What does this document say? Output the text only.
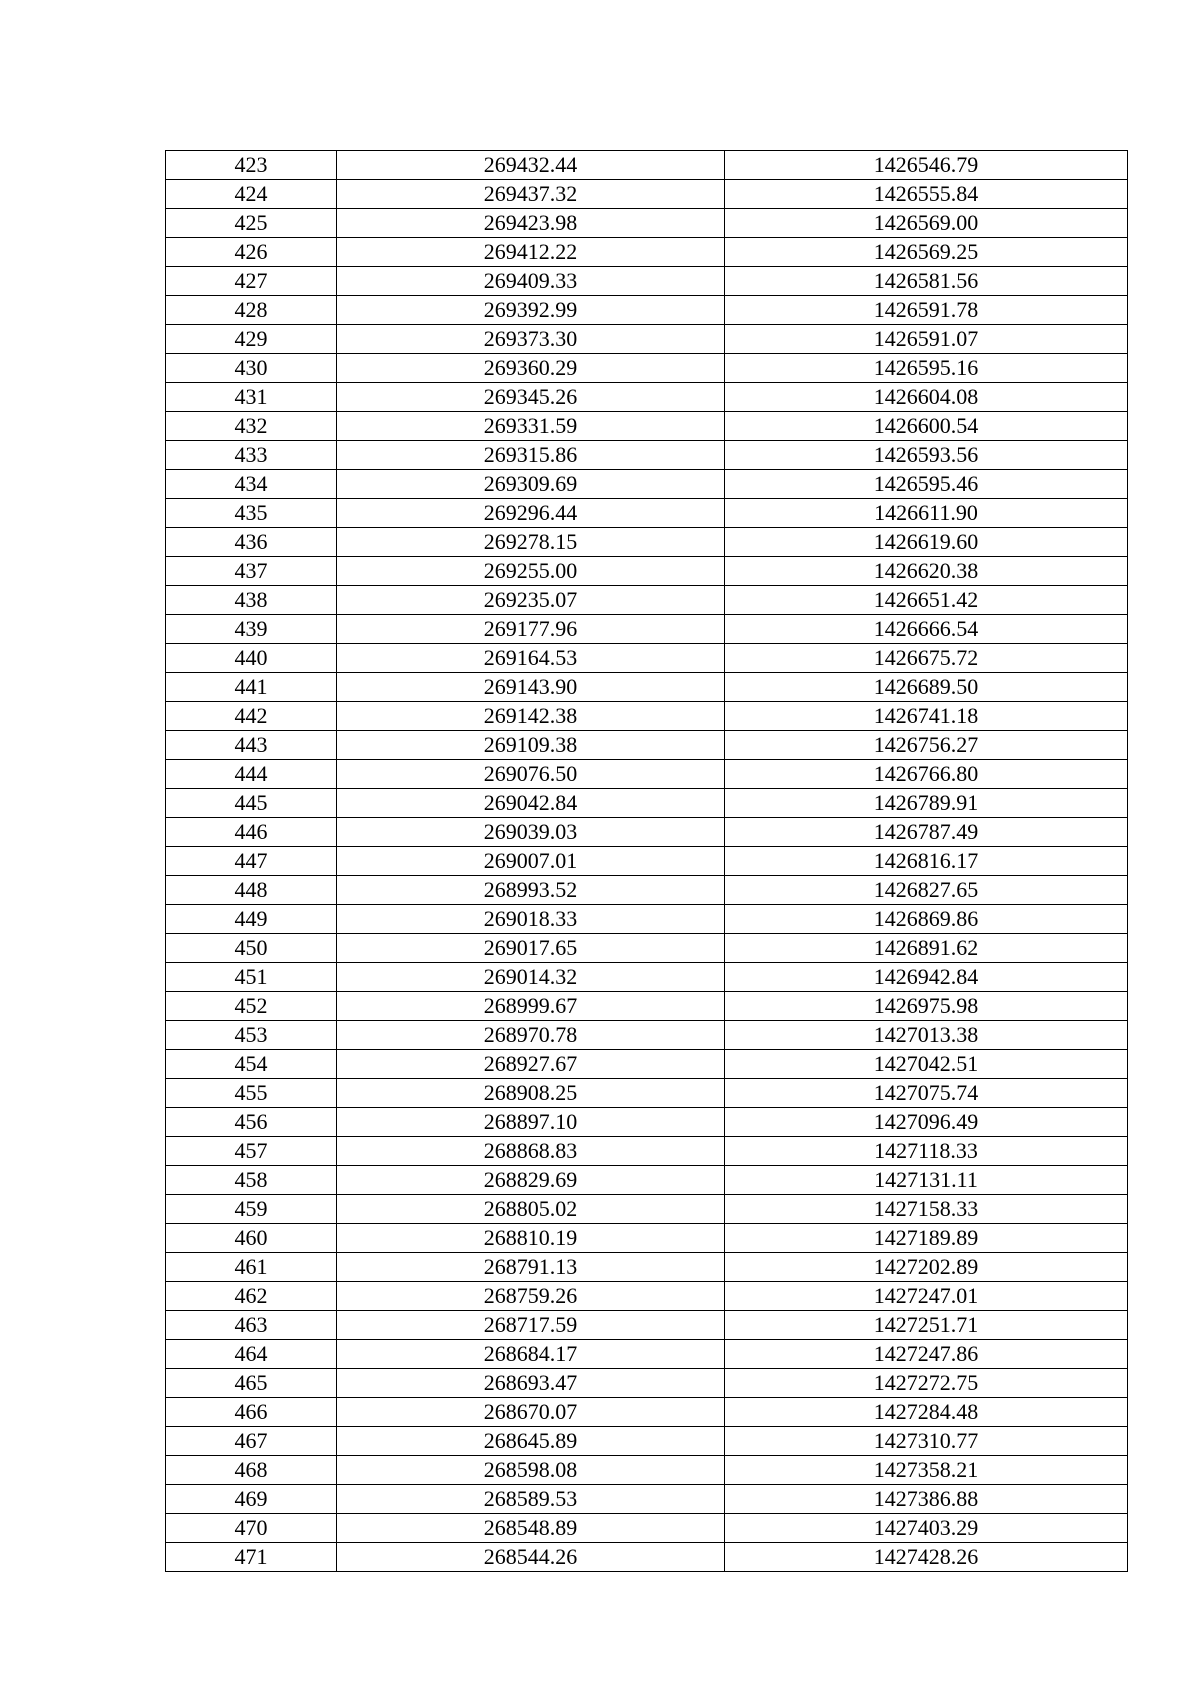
423	269432.44	1426546.79
424	269437.32	1426555.84
425	269423.98	1426569.00
426	269412.22	1426569.25
427	269409.33	1426581.56
428	269392.99	1426591.78
429	269373.30	1426591.07
430	269360.29	1426595.16
431	269345.26	1426604.08
432	269331.59	1426600.54
433	269315.86	1426593.56
434	269309.69	1426595.46
435	269296.44	1426611.90
436	269278.15	1426619.60
437	269255.00	1426620.38
438	269235.07	1426651.42
439	269177.96	1426666.54
440	269164.53	1426675.72
441	269143.90	1426689.50
442	269142.38	1426741.18
443	269109.38	1426756.27
444	269076.50	1426766.80
445	269042.84	1426789.91
446	269039.03	1426787.49
447	269007.01	1426816.17
448	268993.52	1426827.65
449	269018.33	1426869.86
450	269017.65	1426891.62
451	269014.32	1426942.84
452	268999.67	1426975.98
453	268970.78	1427013.38
454	268927.67	1427042.51
455	268908.25	1427075.74
456	268897.10	1427096.49
457	268868.83	1427118.33
458	268829.69	1427131.11
459	268805.02	1427158.33
460	268810.19	1427189.89
461	268791.13	1427202.89
462	268759.26	1427247.01
463	268717.59	1427251.71
464	268684.17	1427247.86
465	268693.47	1427272.75
466	268670.07	1427284.48
467	268645.89	1427310.77
468	268598.08	1427358.21
469	268589.53	1427386.88
470	268548.89	1427403.29
471	268544.26	1427428.26
